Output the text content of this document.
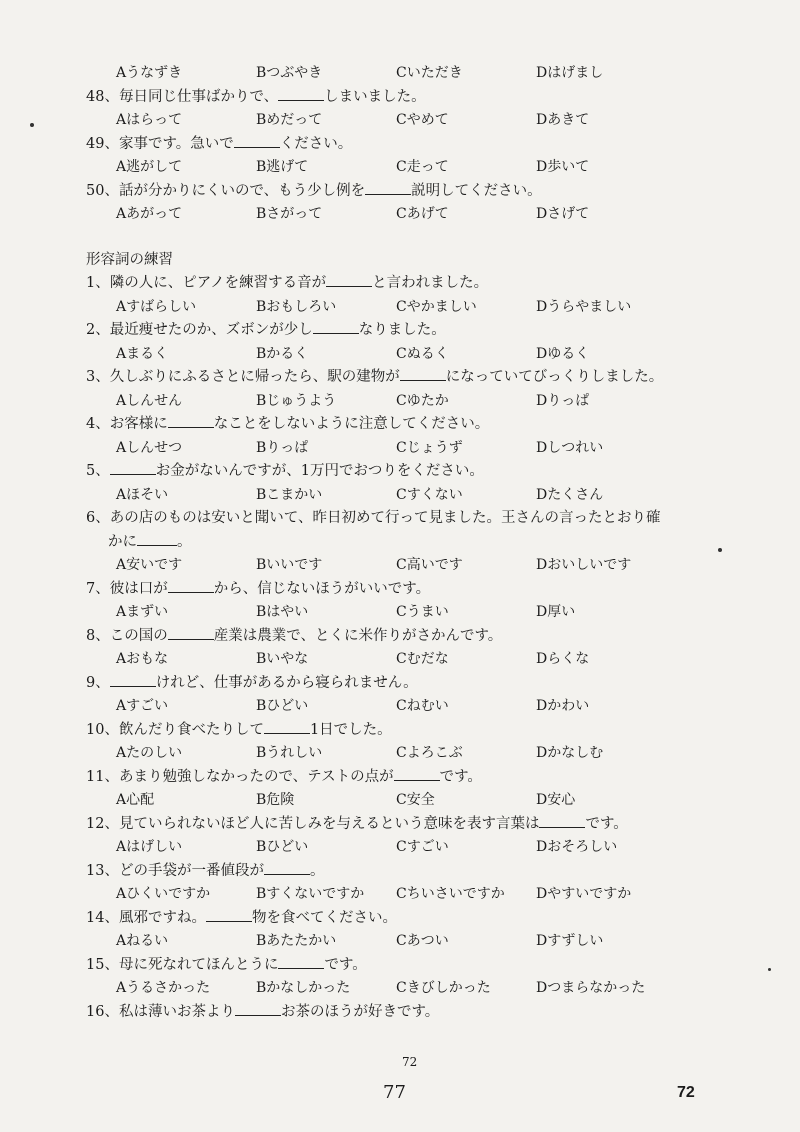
Aうなずき	Bつぶやき	Cいただき	Dはげまし
48、毎日同じ仕事ばかりで、	しまいました。
Aはらって	Bめだって	Cやめて	Dあきて
49、家事です。急いで	ください。
A逃がして	B逃げて	C走って	D歩いて
50、話が分かりにくいので、もう少し例を	説明してください。
Aあがって	Bさがって	Cあげて	Dさげて
形容詞の練習
1、隣の人に、ピアノを練習する音が	と言われました。
Aすばらしい	Bおもしろい	Cやかましい	Dうらやましい
2、最近痩せたのか、ズボンが少し	なりました。
Aまるく	Bかるく	Cぬるく	Dゆるく
3、久しぶりにふるさとに帰ったら、駅の建物が	になっていてびっくりしました。
Aしんせん	Bじゅうよう	Cゆたか	Dりっぱ
4、お客様に	なことをしないように注意してください。
Aしんせつ	Bりっぱ	Cじょうず	Dしつれい
5、	お金がないんですが、1万円でおつりをください。
Aほそい	Bこまかい	Cすくない	Dたくさん
6、あの店のものは安いと聞いて、昨日初めて行って見ました。王さんの言ったとおり確
かに	。
A安いです	Bいいです	C高いです	Dおいしいです
7、彼は口が	から、信じないほうがいいです。
Aまずい	Bはやい	Cうまい	D厚い
8、この国の	産業は農業で、とくに米作りがさかんです。
Aおもな	Bいやな	Cむだな	Dらくな
9、	けれど、仕事があるから寝られません。
Aすごい	Bひどい	Cねむい	Dかわい
10、飲んだり食べたりして	1日でした。
Aたのしい	Bうれしい	Cよろこぶ	Dかなしむ
11、あまり勉強しなかったので、テストの点が	です。
A心配	B危険	C安全	D安心
12、見ていられないほど人に苦しみを与えるという意味を表す言葉は	です。
Aはげしい	Bひどい	Cすごい	Dおそろしい
13、どの手袋が一番値段が	。
Aひくいですか	Bすくないですか	Cちいさいですか	Dやすいですか
14、風邪ですね。	物を食べてください。
Aねるい	Bあたたかい	Cあつい	Dすずしい
15、母に死なれてほんとうに	です。
Aうるさかった	Bかなしかった	Cきびしかった	Dつまらなかった
16、私は薄いお茶より	お茶のほうが好きです。
72
77	72
